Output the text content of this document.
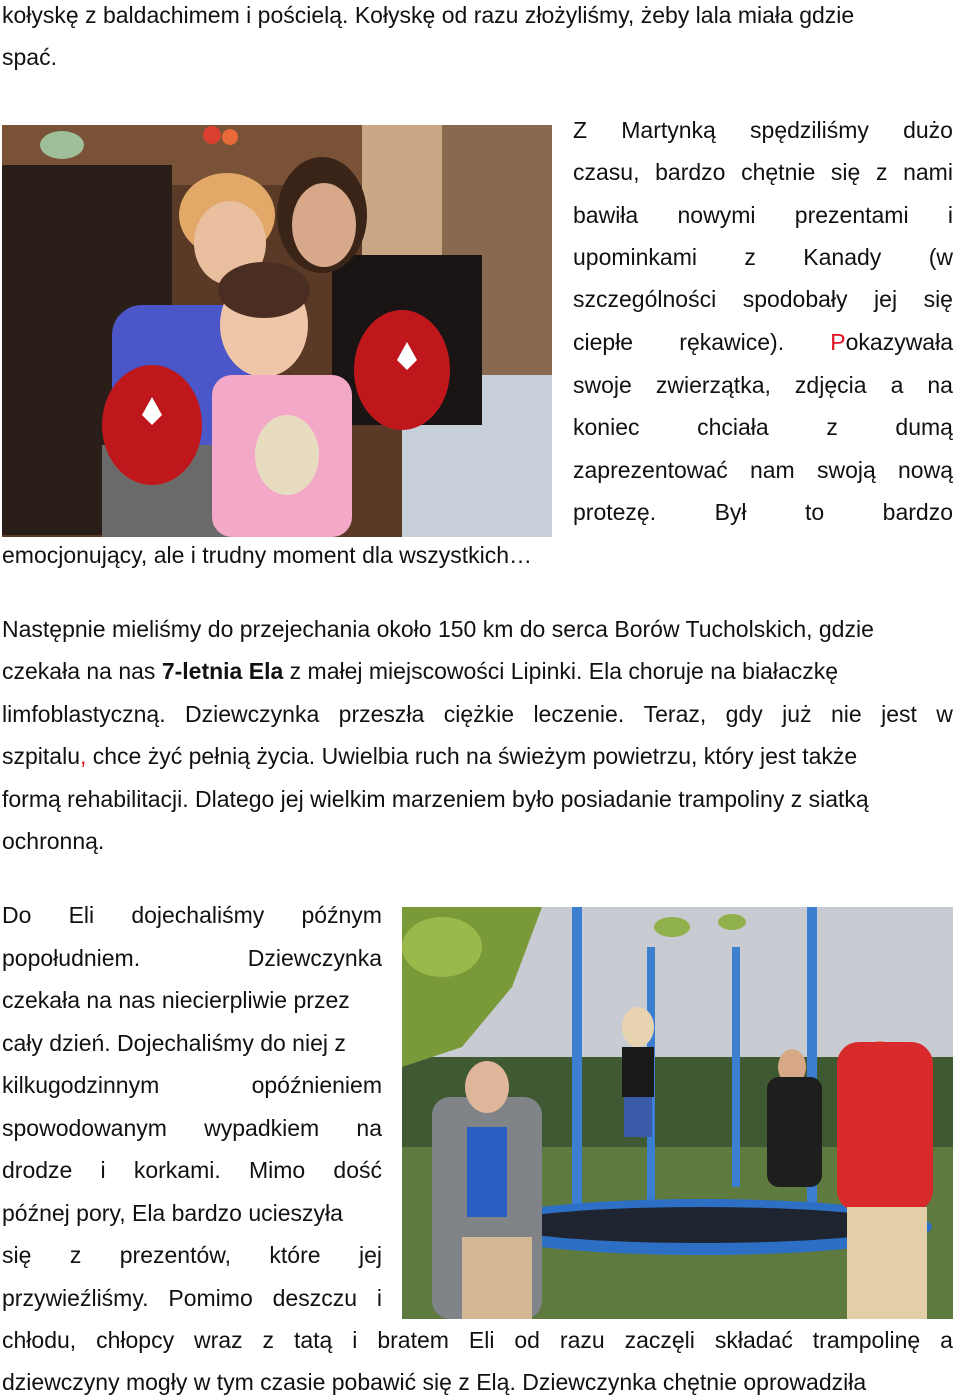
kołyskę z baldachimem i pościelą. Kołyskę od razu złożyliśmy, żeby lala miała gdzie
spać.
Z Martynką spędziliśmy dużo
czasu, bardzo chętnie się z nami
bawiła nowymi prezentami i
upominkami z Kanady (w
szczególności spodobały jej się
ciepłe rękawice). Pokazywała
swoje zwierzątka, zdjęcia a na
koniec	chciała	z	dumą
zaprezentować nam swoją nową
protezę.	Był	to	bardzo
emocjonujący, ale i trudny moment dla wszystkich…
Następnie mieliśmy do przejechania około 150 km do serca Borów Tucholskich, gdzie
czekała na nas 7-letnia Ela z małej miejscowości Lipinki. Ela choruje na białaczkę
limfoblastyczną. Dziewczynka przeszła ciężkie leczenie. Teraz, gdy już nie jest w
szpitalu, chce żyć pełnią życia. Uwielbia ruch na świeżym powietrzu, który jest także
formą rehabilitacji. Dlatego jej wielkim marzeniem było posiadanie trampoliny z siatką
ochronną.
Do Eli dojechaliśmy późnym
popołudniem.	Dziewczynka
czekała na nas niecierpliwie przez
cały dzień. Dojechaliśmy do niej z
kilkugodzinnym	opóźnieniem
spowodowanym wypadkiem na
drodze i korkami. Mimo dość
późnej pory, Ela bardzo ucieszyła
się z prezentów, które jej
przywieźliśmy. Pomimo deszczu i
chłodu, chłopcy wraz z tatą i bratem Eli od razu zaczęli składać trampolinę a
dziewczyny mogły w tym czasie pobawić się z Elą. Dziewczynka chętnie oprowadziła
